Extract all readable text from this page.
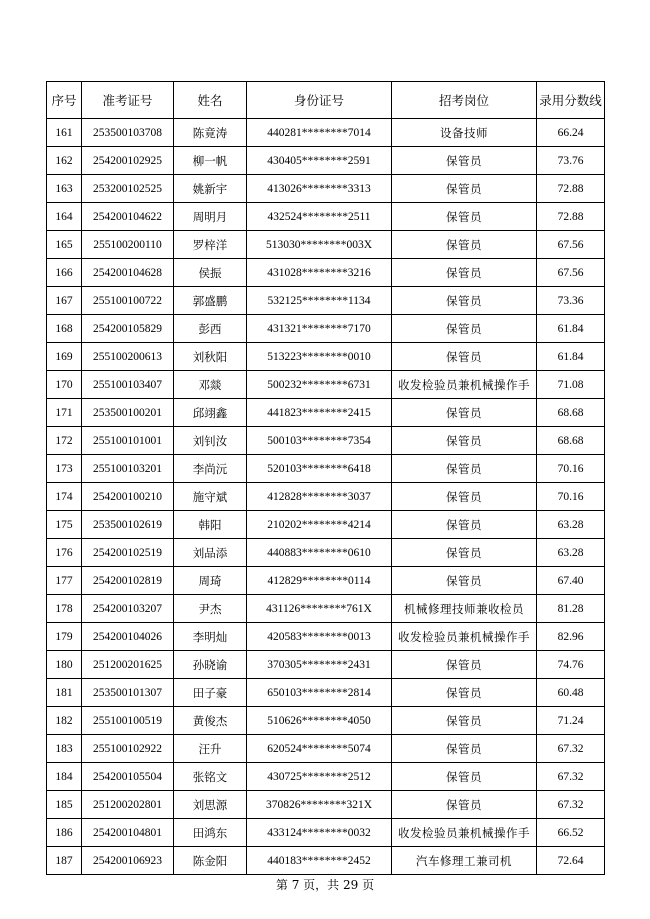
序号	准考证号	姓名	身份证号	招考岗位	录用分数线
161	253500103708	陈竟涛	440281********7014	设备技师	66.24
162	254200102925	柳一帆	430405********2591	保管员	73.76
163	253200102525	姚新宇	413026********3313	保管员	72.88
164	254200104622	周明月	432524********2511	保管员	72.88
165	255100200110	罗梓洋	513030********003X	保管员	67.56
166	254200104628	侯振	431028********3216	保管员	67.56
167	255100100722	郭盛鹏	532125********1134	保管员	73.36
168	254200105829	彭西	431321********7170	保管员	61.84
169	255100200613	刘秋阳	513223********0010	保管员	61.84
170	255100103407	邓燚	500232********6731	收发检验员兼机械操作手	71.08
171	253500100201	邱翊鑫	441823********2415	保管员	68.68
172	255100101001	刘钊汝	500103********7354	保管员	68.68
173	255100103201	李尚沅	520103********6418	保管员	70.16
174	254200100210	施守斌	412828********3037	保管员	70.16
175	253500102619	韩阳	210202********4214	保管员	63.28
176	254200102519	刘品添	440883********0610	保管员	63.28
177	254200102819	周琦	412829********0114	保管员	67.40
178	254200103207	尹杰	431126********761X	机械修理技师兼收检员	81.28
179	254200104026	李明灿	420583********0013	收发检验员兼机械操作手	82.96
180	251200201625	孙晓谕	370305********2431	保管员	74.76
181	253500101307	田子豪	650103********2814	保管员	60.48
182	255100100519	黄俊杰	510626********4050	保管员	71.24
183	255100102922	汪升	620524********5074	保管员	67.32
184	254200105504	张铭文	430725********2512	保管员	67.32
185	251200202801	刘思源	370826********321X	保管员	67.32
186	254200104801	田鸿东	433124********0032	收发检验员兼机械操作手	66.52
187	254200106923	陈金阳	440183********2452	汽车修理工兼司机	72.64
第 7 页，共 29 页
